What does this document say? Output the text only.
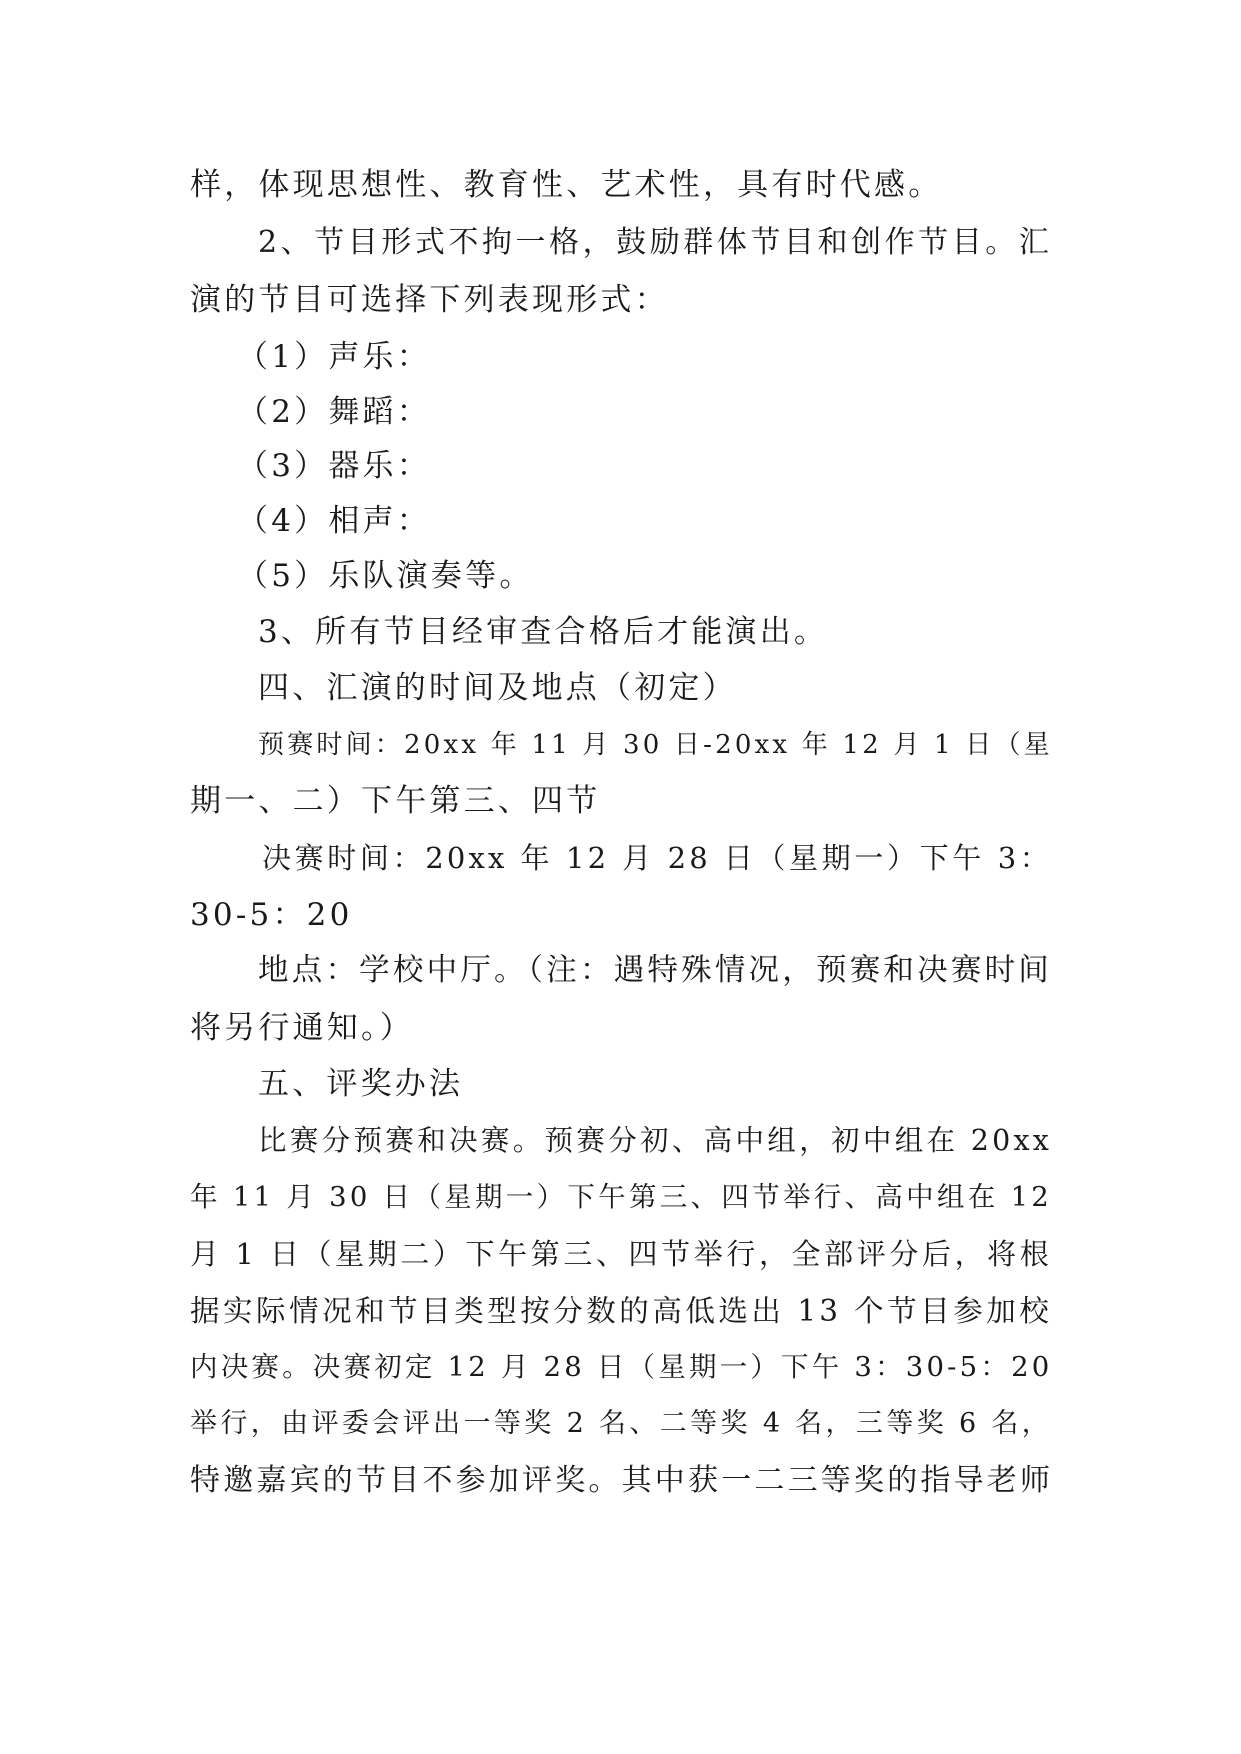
样，体现思想性、教育性、艺术性，具有时代感。
2、节目形式不拘一格，鼓励群体节目和创作节目。汇
演的节目可选择下列表现形式：
（1）声乐：
（2）舞蹈：
（3）器乐：
（4）相声：
（5）乐队演奏等。
3、所有节目经审查合格后才能演出。
四、汇演的时间及地点（初定）
预赛时间：20xx 年 11 月 30 日-20xx 年 12 月 1 日（星
期一、二）下午第三、四节
决赛时间：20xx 年 12 月 28 日（星期一）下午 3：
30-5：20
地点：学校中厅。（注：遇特殊情况，预赛和决赛时间
将另行通知。）
五、评奖办法
比赛分预赛和决赛。预赛分初、高中组，初中组在 20xx
年 11 月 30 日（星期一）下午第三、四节举行、高中组在 12
月 1 日（星期二）下午第三、四节举行，全部评分后，将根
据实际情况和节目类型按分数的高低选出 13 个节目参加校
内决赛。决赛初定 12 月 28 日（星期一）下午 3：30-5：20
举行，由评委会评出一等奖 2 名、二等奖 4 名，三等奖 6 名，
特邀嘉宾的节目不参加评奖。其中获一二三等奖的指导老师
